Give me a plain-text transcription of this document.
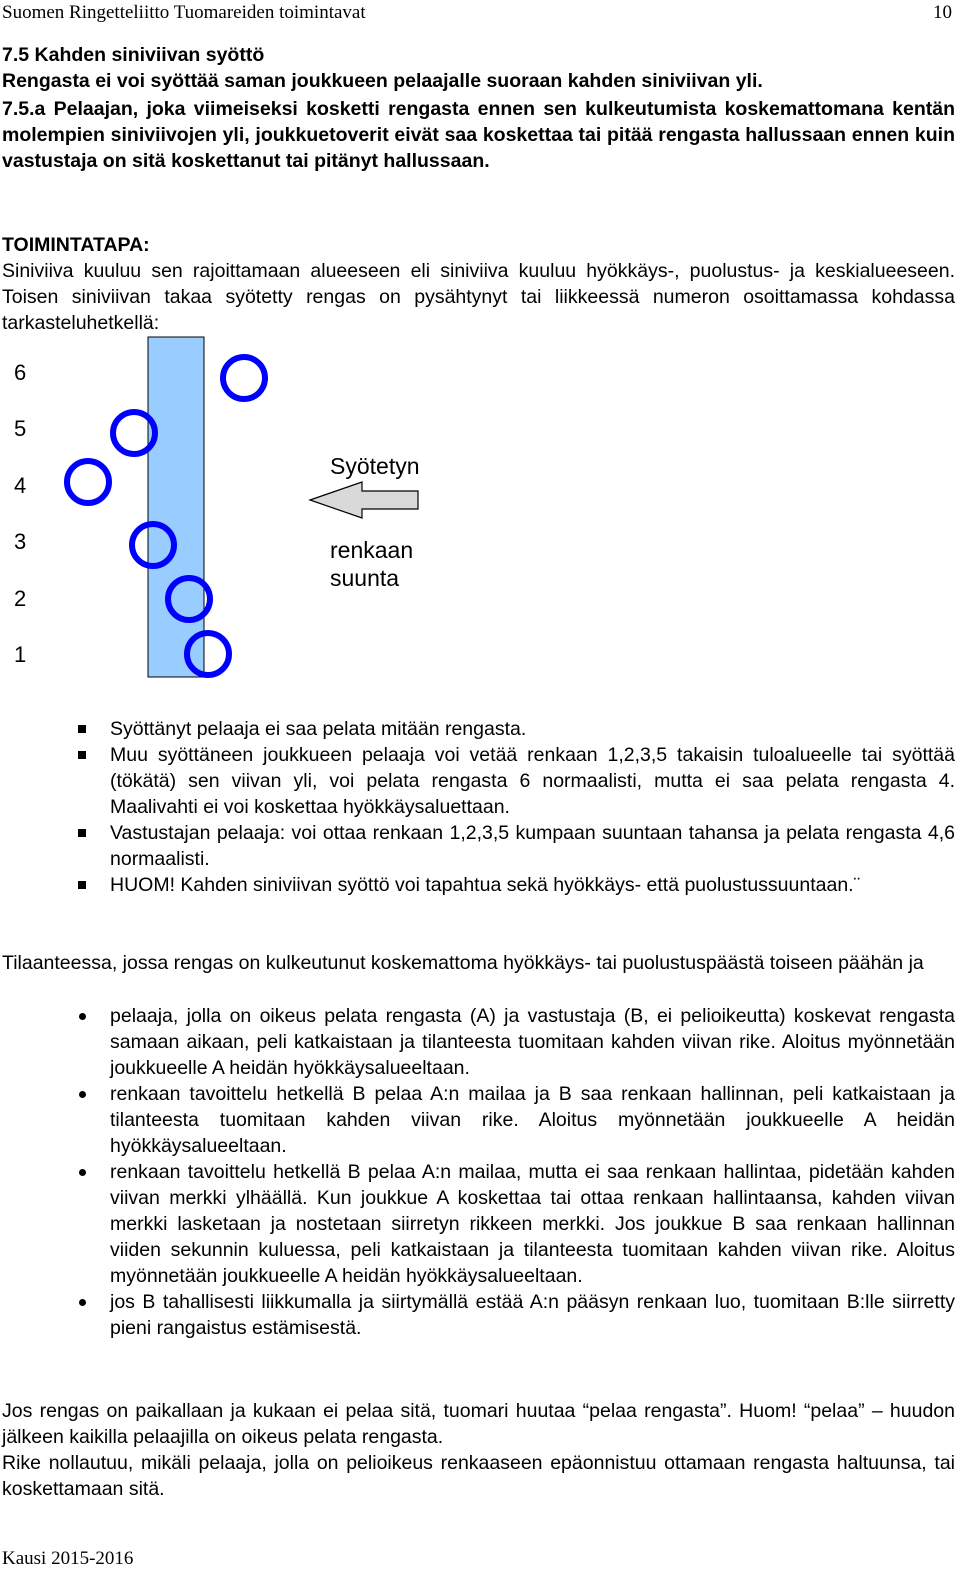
Suomen Ringetteliitto Tuomareiden toimintavat	10
7.5 Kahden siniviivan syöttö
Rengasta ei voi syöttää saman joukkueen pelaajalle suoraan kahden siniviivan yli.
7.5.a Pelaajan, joka viimeiseksi kosketti rengasta ennen sen kulkeutumista koskemattomana kentän molempien siniviivojen yli, joukkuetoverit eivät saa koskettaa tai pitää rengasta hallussaan ennen kuin vastustaja on sitä koskettanut tai pitänyt hallussaan.
TOIMINTATAPA:
Siniviiva kuuluu sen rajoittamaan alueeseen eli siniviiva kuuluu hyökkäys-, puolustus- ja keskialueeseen. Toisen siniviivan takaa syötetty rengas on pysähtynyt tai liikkeessä numeron osoittamassa kohdassa tarkasteluhetkellä:
6
5
4
3
2
1
Syötetyn
renkaan
suunta
Syöttänyt pelaaja ei saa pelata mitään rengasta.
Muu syöttäneen joukkueen pelaaja voi vetää renkaan 1,2,3,5 takaisin tuloalueelle tai syöttää (tökätä) sen viivan yli, voi pelata rengasta 6 normaalisti, mutta ei saa pelata rengasta 4. Maalivahti ei voi koskettaa hyökkäysaluettaan.
Vastustajan pelaaja: voi ottaa renkaan 1,2,3,5 kumpaan suuntaan tahansa ja pelata rengasta 4,6 normaalisti.
HUOM! Kahden siniviivan syöttö voi tapahtua sekä hyökkäys- että puolustussuuntaan.¨
Tilaanteessa, jossa rengas on kulkeutunut koskemattoma hyökkäys- tai puolustuspäästä toiseen päähän ja
pelaaja, jolla on oikeus pelata rengasta (A) ja vastustaja (B, ei pelioikeutta) koskevat rengasta samaan aikaan, peli katkaistaan ja tilanteesta tuomitaan kahden viivan rike. Aloitus myönnetään joukkueelle A heidän hyökkäysalueeltaan.
renkaan tavoittelu hetkellä B pelaa A:n mailaa ja B saa renkaan hallinnan, peli katkaistaan ja tilanteesta tuomitaan kahden viivan rike. Aloitus myönnetään joukkueelle A heidän hyökkäysalueeltaan.
renkaan tavoittelu hetkellä B pelaa A:n mailaa, mutta ei saa renkaan hallintaa, pidetään kahden viivan merkki ylhäällä. Kun joukkue A koskettaa tai ottaa renkaan hallintaansa, kahden viivan merkki lasketaan ja nostetaan siirretyn rikkeen merkki. Jos joukkue B saa renkaan hallinnan viiden sekunnin kuluessa, peli katkaistaan ja tilanteesta tuomitaan kahden viivan rike. Aloitus myönnetään joukkueelle A heidän hyökkäysalueeltaan.
jos B tahallisesti liikkumalla ja siirtymällä estää A:n pääsyn renkaan luo, tuomitaan B:lle siirretty pieni rangaistus estämisestä.

Jos rengas on paikallaan ja kukaan ei pelaa sitä, tuomari huutaa “pelaa rengasta”. Huom! “pelaa” – huudon jälkeen kaikilla pelaajilla on oikeus pelata rengasta.

Rike nollautuu, mikäli pelaaja, jolla on pelioikeus renkaaseen epäonnistuu ottamaan rengasta haltuunsa, tai koskettamaan sitä.

Kausi 2015-2016
